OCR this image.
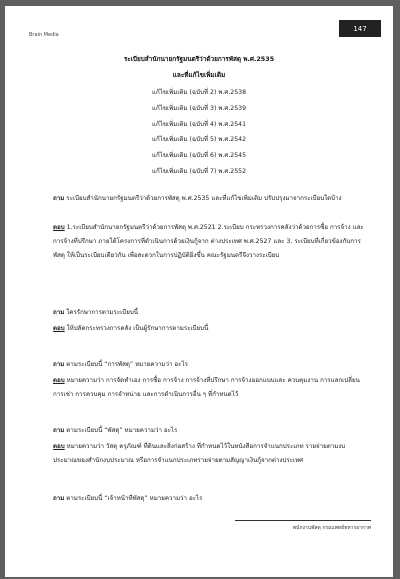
Brain Media
147
ระเบียบสำนักนายกรัฐมนตรีว่าด้วยการพัสดุ พ.ศ.2535
และที่แก้ไขเพิ่มเติม
แก้ไขเพิ่มเติม (ฉบับที่ 2) พ.ศ.2538
แก้ไขเพิ่มเติม (ฉบับที่ 3) พ.ศ.2539
แก้ไขเพิ่มเติม (ฉบับที่ 4) พ.ศ.2541
แก้ไขเพิ่มเติม (ฉบับที่ 5) พ.ศ.2542
แก้ไขเพิ่มเติม (ฉบับที่ 6) พ.ศ.2545
แก้ไขเพิ่มเติม (ฉบับที่ 7) พ.ศ.2552
ถาม ระเบียบสำนักนายกรัฐมนตรีว่าด้วยการพัสดุ พ.ศ.2535 และที่แก้ไขเพิ่มเติม ปรับปรุงมาจากระเบียบใดบ้าง
ตอบ 1.ระเบียบสำนักนายกรัฐมนตรีว่าด้วยการพัสดุ พ.ศ.2521 2.ระเบียบ กระทรวงการคลังว่าด้วยการซื้อ การจ้าง และการจ้างที่ปรึกษา ภายใต้โครงการที่ดำเนินการด้วยเงินกู้จาก ต่างประเทศ พ.ศ.2527 และ 3. ระเบียบที่เกี่ยวข้องกับการพัสดุ ให้เป็นระเบียบเดียวกัน เพื่อสะดวกในการปฏิบัติยิ่งขึ้น คณะรัฐมนตรีจึงวางระเบียบ
ถาม ใครรักษาการตามระเบียบนี้
ตอบ ให้ปลัดกระทรวงการคลัง เป็นผู้รักษาการตามระเบียบนี้
ถาม ตามระเบียบนี้ “การพัสดุ” หมายความว่า อะไร
ตอบ หมายความว่า การจัดทำเอง การซื้อ การจ้าง การจ้างที่ปรึกษา การจ้างออกแบบและ ควบคุมงาน การแลกเปลี่ยน การเช่า การควบคุม การจำหน่าย และการดำเนินการอื่น ๆ ที่กำหนดไว้
ถาม ตามระเบียบนี้ “พัสดุ” หมายความว่า อะไร
ตอบ หมายความว่า วัสดุ ครุภัณฑ์ ที่ดินและสิ่งก่อสร้าง ที่กำหนดไว้ในหนังสือการจำแนกประเภท รายจ่ายตามงบประมาณของสำนักงบประมาณ หรือการจำแนกประเภทรายจ่ายตามสัญญาเงินกู้จากต่างประเทศ
ถาม ตามระเบียบนี้ “เจ้าหน้าที่พัสดุ” หมายความว่า อะไร
พนักงานพัสดุ กรมแพทย์ทหารอากาศ
